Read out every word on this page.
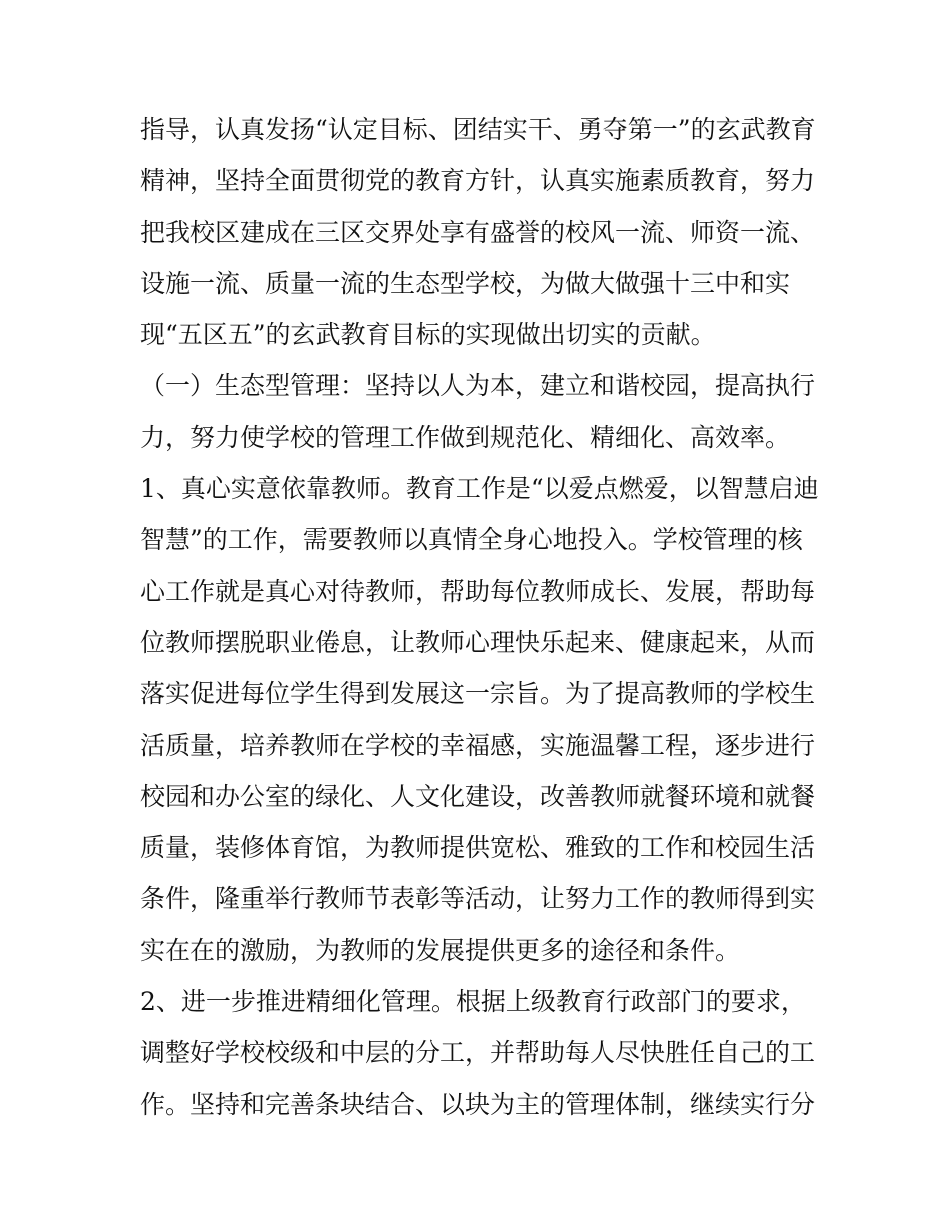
指导，认真发扬“认定目标、团结实干、勇夺第一”的玄武教育

精神，坚持全面贯彻党的教育方针，认真实施素质教育，努力

把我校区建成在三区交界处享有盛誉的校风一流、师资一流、

设施一流、质量一流的生态型学校，为做大做强十三中和实

现“五区五”的玄武教育目标的实现做出切实的贡献。

（一）生态型管理：坚持以人为本，建立和谐校园，提高执行

力，努力使学校的管理工作做到规范化、精细化、高效率。

1、真心实意依靠教师。教育工作是“以爱点燃爱，以智慧启迪

智慧”的工作，需要教师以真情全身心地投入。学校管理的核

心工作就是真心对待教师，帮助每位教师成长、发展，帮助每

位教师摆脱职业倦息，让教师心理快乐起来、健康起来，从而

落实促进每位学生得到发展这一宗旨。为了提高教师的学校生

活质量，培养教师在学校的幸福感，实施温馨工程，逐步进行

校园和办公室的绿化、人文化建设，改善教师就餐环境和就餐

质量，装修体育馆，为教师提供宽松、雅致的工作和校园生活

条件，隆重举行教师节表彰等活动，让努力工作的教师得到实

实在在的激励，为教师的发展提供更多的途径和条件。

2、进一步推进精细化管理。根据上级教育行政部门的要求，

调整好学校校级和中层的分工，并帮助每人尽快胜任自己的工

作。坚持和完善条块结合、以块为主的管理体制，继续实行分
